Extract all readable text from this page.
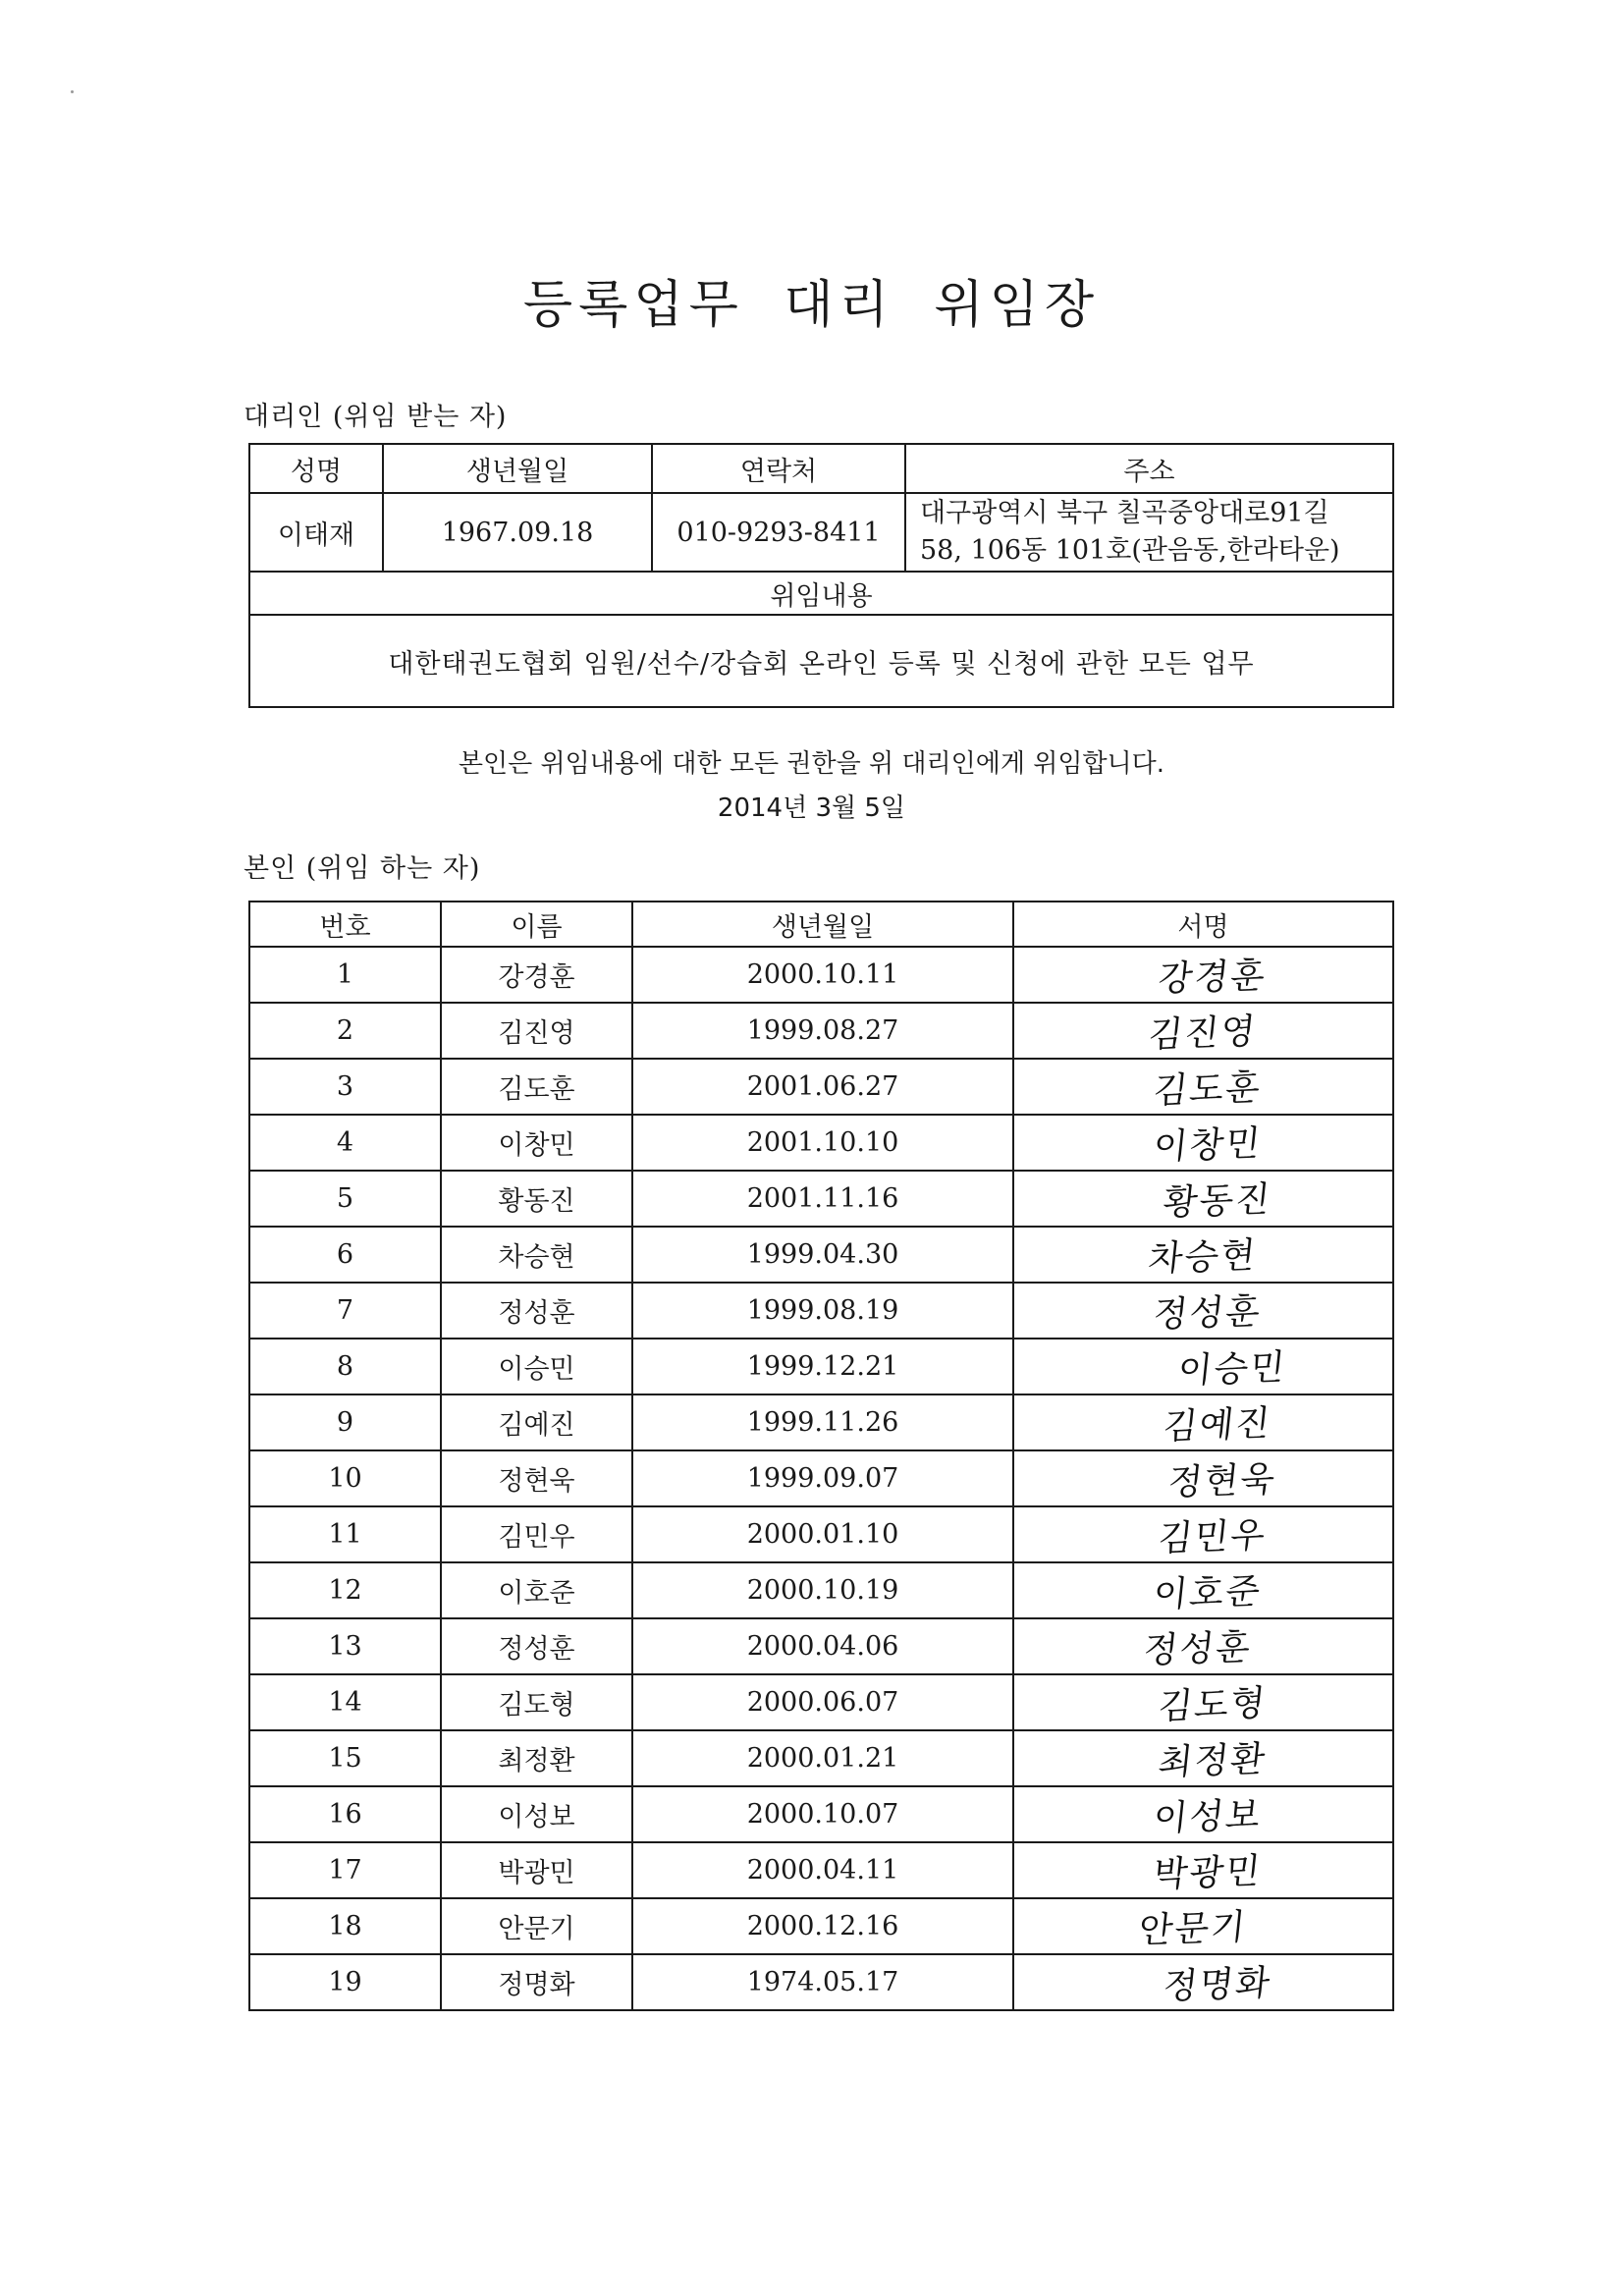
등록업무 대리 위임장
대리인 (위임 받는 자)
성명	생년월일	연락처	주소
이태재	1967.09.18	010-9293-8411	대구광역시 북구 칠곡중앙대로91길
58, 106동 101호(관음동,한라타운)

위임내용			
대한태권도협회 임원/선수/강습회 온라인 등록 및 신청에 관한 모든 업무			
본인은 위임내용에 대한 모든 권한을 위 대리인에게 위임합니다.
2014년 3월 5일
본인 (위임 하는 자)
번호	이름	생년월일	서명
1	강경훈	2000.10.11	강경훈
2	김진영	1999.08.27	김진영
3	김도훈	2001.06.27	김도훈
4	이창민	2001.10.10	이창민
5	황동진	2001.11.16	황동진
6	차승현	1999.04.30	차승현
7	정성훈	1999.08.19	정성훈
8	이승민	1999.12.21	이승민
9	김예진	1999.11.26	김예진
10	정현욱	1999.09.07	정현욱
11	김민우	2000.01.10	김민우
12	이호준	2000.10.19	이호준
13	정성훈	2000.04.06	정성훈
14	김도형	2000.06.07	김도형
15	최정환	2000.01.21	최정환
16	이성보	2000.10.07	이성보
17	박광민	2000.04.11	박광민
18	안문기	2000.12.16	안문기
19	정명화	1974.05.17	정명화
